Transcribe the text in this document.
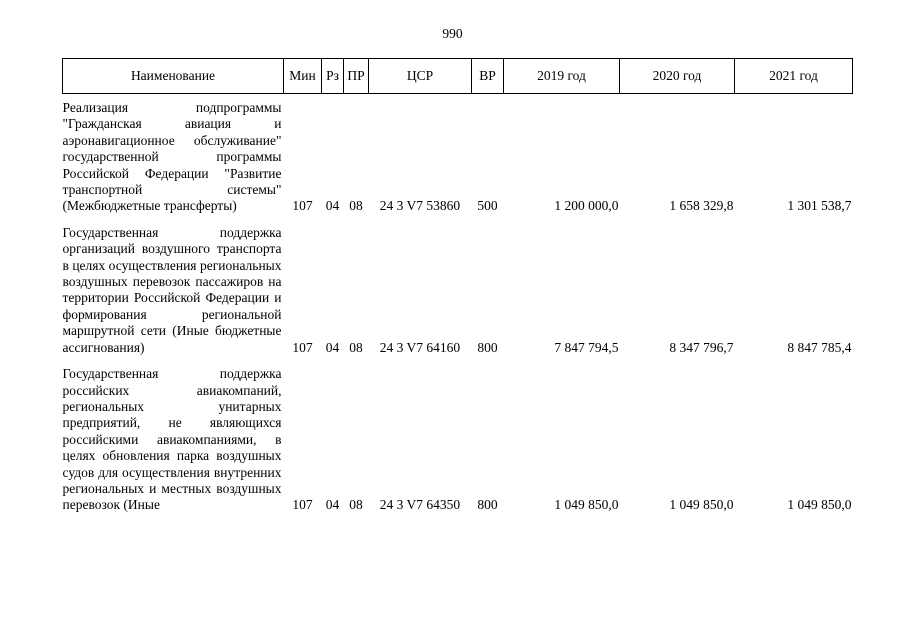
990
Наименование	Мин	Рз	ПР	ЦСР	ВР	2019 год	2020 год	2021 год
Реализация подпрограммы "Гражданская авиация и аэронавигационное обслуживание" государственной программы Российской Федерации "Развитие транспортной системы" (Межбюджетные трансферты)	107	04	08	24 3 V7 53860	500	1 200 000,0	1 658 329,8	1 301 538,7
Государственная поддержка организаций воздушного транспорта в целях осуществления региональных воздушных перевозок пассажиров на территории Российской Федерации и формирования региональной маршрутной сети (Иные бюджетные ассигнования)	107	04	08	24 3 V7 64160	800	7 847 794,5	8 347 796,7	8 847 785,4
Государственная поддержка российских авиакомпаний, региональных унитарных предприятий, не являющихся российскими авиакомпаниями, в целях обновления парка воздушных судов для осуществления внутренних региональных и местных воздушных перевозок (Иные	107	04	08	24 3 V7 64350	800	1 049 850,0	1 049 850,0	1 049 850,0
